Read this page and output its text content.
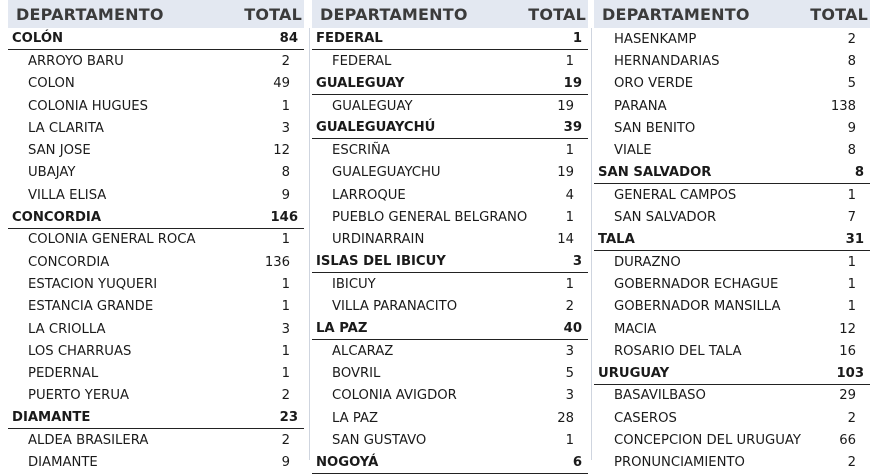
DEPARTAMENTO	TOTAL
COLÓN	84
ARROYO BARU	2
COLON	49
COLONIA HUGUES	1
LA CLARITA	3
SAN JOSE	12
UBAJAY	8
VILLA ELISA	9
CONCORDIA	146
COLONIA GENERAL ROCA	1
CONCORDIA	136
ESTACION YUQUERI	1
ESTANCIA GRANDE	1
LA CRIOLLA	3
LOS CHARRUAS	1
PEDERNAL	1
PUERTO YERUA	2
DIAMANTE	23
ALDEA BRASILERA	2
DIAMANTE	9
DEPARTAMENTO	TOTAL
FEDERAL	1
FEDERAL	1
GUALEGUAY	19
GUALEGUAY	19
GUALEGUAYCHÚ	39
ESCRIÑA	1
GUALEGUAYCHU	19
LARROQUE	4
PUEBLO GENERAL BELGRANO	1
URDINARRAIN	14
ISLAS DEL IBICUY	3
IBICUY	1
VILLA PARANACITO	2
LA PAZ	40
ALCARAZ	3
BOVRIL	5
COLONIA AVIGDOR	3
LA PAZ	28
SAN GUSTAVO	1
NOGOYÁ	6
DEPARTAMENTO	TOTAL
HASENKAMP	2
HERNANDARIAS	8
ORO VERDE	5
PARANA	138
SAN BENITO	9
VIALE	8
SAN SALVADOR	8
GENERAL CAMPOS	1
SAN SALVADOR	7
TALA	31
DURAZNO	1
GOBERNADOR ECHAGUE	1
GOBERNADOR MANSILLA	1
MACIA	12
ROSARIO DEL TALA	16
URUGUAY	103
BASAVILBASO	29
CASEROS	2
CONCEPCION DEL URUGUAY	66
PRONUNCIAMIENTO	2
